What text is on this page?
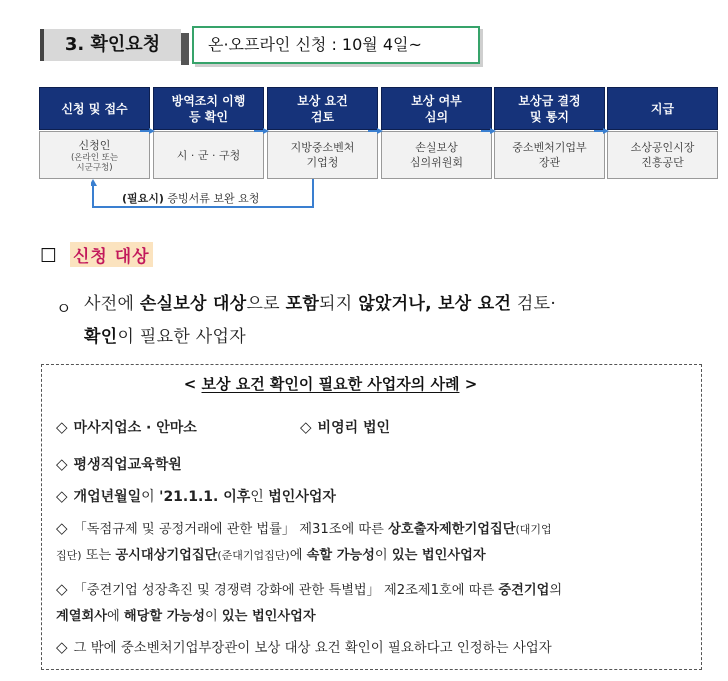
3. 확인요청	온·오프라인 신청 : 10월 4일~
신청 및 접수
방역조치 이행
등 확인
보상 요건
검토
보상 여부
심의
보상금 결정
및 통지
지급
신청인
(온라인 또는
시군구청)
시 · 군 · 구청
지방중소벤처
기업청
손실보상
심의위원회
중소벤처기업부
장관
소상공인시장
진흥공단
(필요시) 증빙서류 보완 요청
☐ 신청 대상
ㅇ 사전에 손실보상 대상으로 포함되지 않았거나, 보상 요건 검토·
확인이 필요한 사업자
< 보상 요건 확인이 필요한 사업자의 사례 >
◇ 마사지업소 · 안마소	◇ 비영리 법인
◇ 평생직업교육학원
◇ 개업년월일이 '21.1.1. 이후인 법인사업자
◇ 「독점규제 및 공정거래에 관한 법률」 제31조에 따른 상호출자제한기업집단(대기업
집단) 또는 공시대상기업집단(준대기업집단)에 속할 가능성이 있는 법인사업자
◇ 「중견기업 성장촉진 및 경쟁력 강화에 관한 특별법」 제2조제1호에 따른 중견기업의
계열회사에 해당할 가능성이 있는 법인사업자
◇ 그 밖에 중소벤처기업부장관이 보상 대상 요건 확인이 필요하다고 인정하는 사업자
